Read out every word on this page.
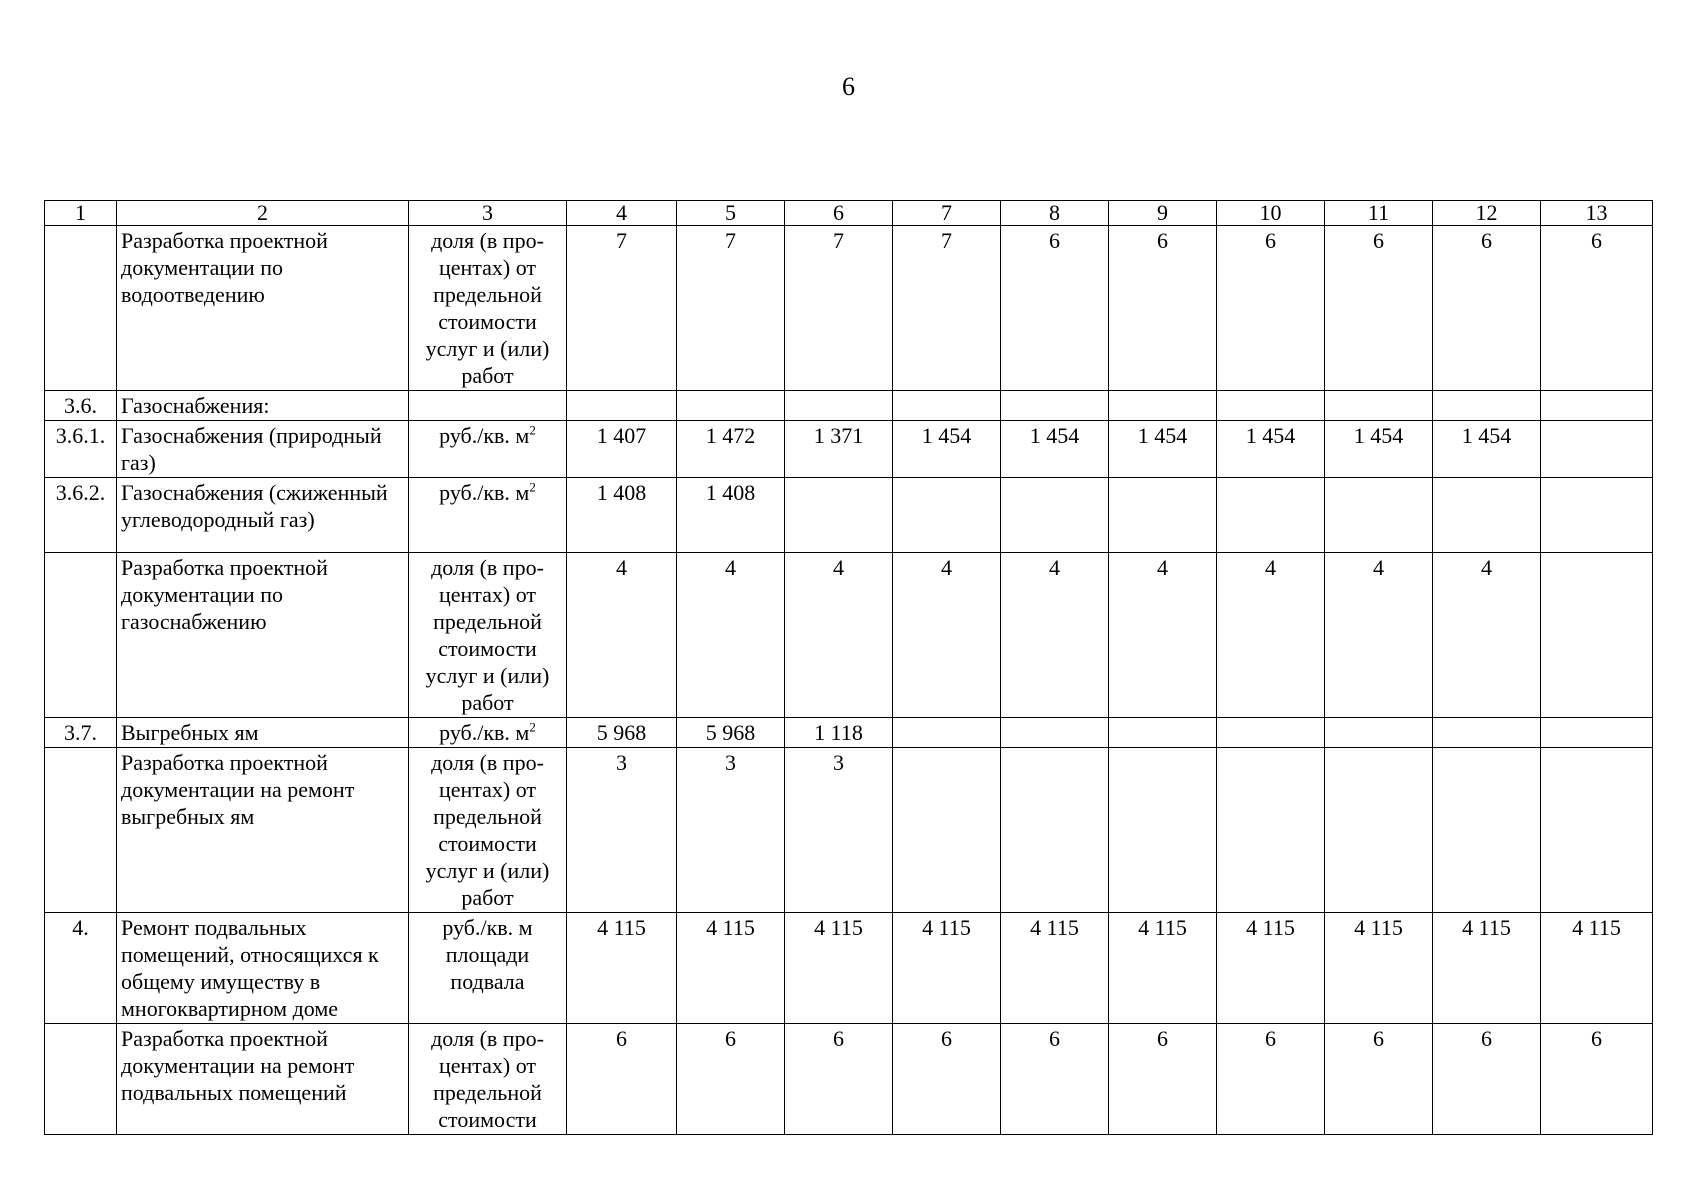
6
1	2	3	4	5	6	7	8	9	10	11	12	13
	Разработка проектной документации по водоотведению	доля (в про-центах) от предельной стоимости услуг и (или) работ	7	7	7	7	6	6	6	6	6	6
3.6.	Газоснабжения:											
3.6.1.	Газоснабжения (природный газ)	руб./кв. $м^2$	1 407	1 472	1 371	1 454	1 454	1 454	1 454	1 454	1 454	
3.6.2.	Газоснабжения (сжиженный углеводородный газ)	руб./кв. $м^2$	1 408	1 408								
	Разработка проектной документации по газоснабжению	доля (в про-центах) от предельной стоимости услуг и (или) работ	4	4	4	4	4	4	4	4	4	
3.7.	Выгребных ям	руб./кв. $м^2$	5 968	5 968	1 118							
	Разработка проектной документации на ремонт выгребных ям	доля (в про-центах) от предельной стоимости услуг и (или) работ	3	3	3							
4.	Ремонт подвальных помещений, относящихся к общему имуществу в многоквартирном доме	руб./кв. м площади подвала	4 115	4 115	4 115	4 115	4 115	4 115	4 115	4 115	4 115	4 115
	Разработка проектной документации на ремонт подвальных помещений	доля (в про-центах) от предельной стоимости	6	6	6	6	6	6	6	6	6	6
